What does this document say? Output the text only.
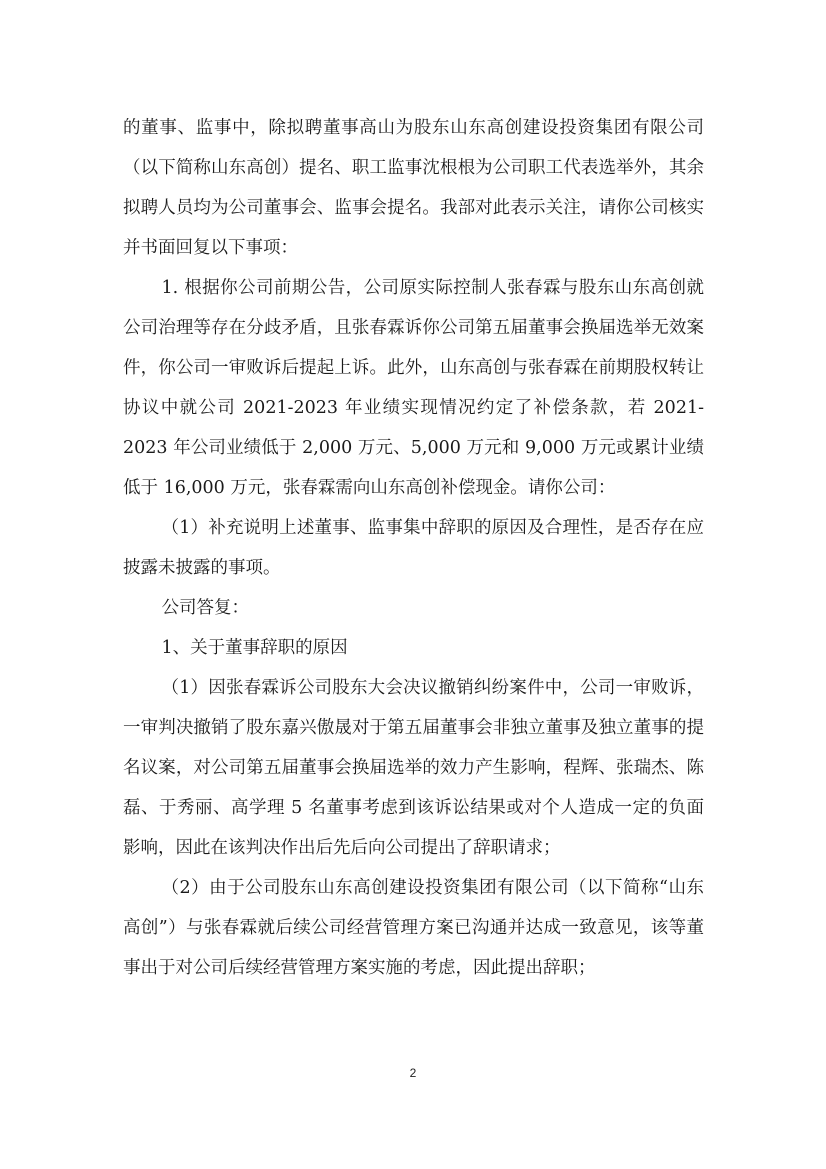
的董事、监事中，除拟聘董事高山为股东山东高创建设投资集团有限公司（以下简称山东高创）提名、职工监事沈根根为公司职工代表选举外，其余拟聘人员均为公司董事会、监事会提名。我部对此表示关注，请你公司核实并书面回复以下事项：

1. 根据你公司前期公告，公司原实际控制人张春霖与股东山东高创就公司治理等存在分歧矛盾，且张春霖诉你公司第五届董事会换届选举无效案件，你公司一审败诉后提起上诉。此外，山东高创与张春霖在前期股权转让协议中就公司 2021-2023 年业绩实现情况约定了补偿条款，若 2021-2023 年公司业绩低于 2,000 万元、5,000 万元和 9,000 万元或累计业绩低于 16,000 万元，张春霖需向山东高创补偿现金。请你公司：

（1）补充说明上述董事、监事集中辞职的原因及合理性，是否存在应披露未披露的事项。

公司答复：

1、关于董事辞职的原因

（1）因张春霖诉公司股东大会决议撤销纠纷案件中，公司一审败诉，一审判决撤销了股东嘉兴傲晟对于第五届董事会非独立董事及独立董事的提名议案，对公司第五届董事会换届选举的效力产生影响，程辉、张瑞杰、陈磊、于秀丽、高学理 5 名董事考虑到该诉讼结果或对个人造成一定的负面影响，因此在该判决作出后先后向公司提出了辞职请求；

（2）由于公司股东山东高创建设投资集团有限公司（以下简称“山东高创”）与张春霖就后续公司经营管理方案已沟通并达成一致意见，该等董事出于对公司后续经营管理方案实施的考虑，因此提出辞职；

2
